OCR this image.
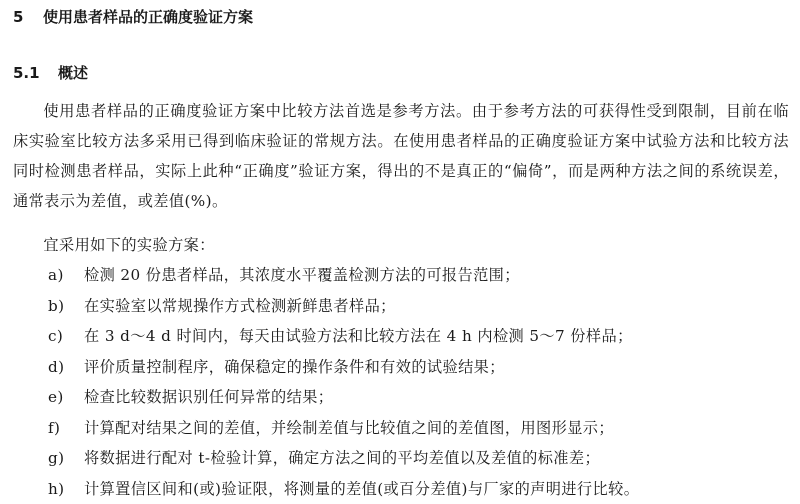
5 使用患者样品的正确度验证方案
5.1 概述
使用患者样品的正确度验证方案中比较方法首选是参考方法。由于参考方法的可获得性受到限制，目前在临床实验室比较方法多采用已得到临床验证的常规方法。在使用患者样品的正确度验证方案中试验方法和比较方法同时检测患者样品，实际上此种“正确度”验证方案，得出的不是真正的“偏倚”，而是两种方法之间的系统误差，通常表示为差值，或差值(%)。
宜采用如下的实验方案：
a)	检测 20 份患者样品，其浓度水平覆盖检测方法的可报告范围；
b)	在实验室以常规操作方式检测新鲜患者样品；
c)	在 3 d～4 d 时间内，每天由试验方法和比较方法在 4 h 内检测 5～7 份样品；
d)	评价质量控制程序，确保稳定的操作条件和有效的试验结果；
e)	检查比较数据识别任何异常的结果；
f)	计算配对结果之间的差值，并绘制差值与比较值之间的差值图，用图形显示；
g)	将数据进行配对 t-检验计算，确定方法之间的平均差值以及差值的标准差；
h)	计算置信区间和(或)验证限，将测量的差值(或百分差值)与厂家的声明进行比较。
